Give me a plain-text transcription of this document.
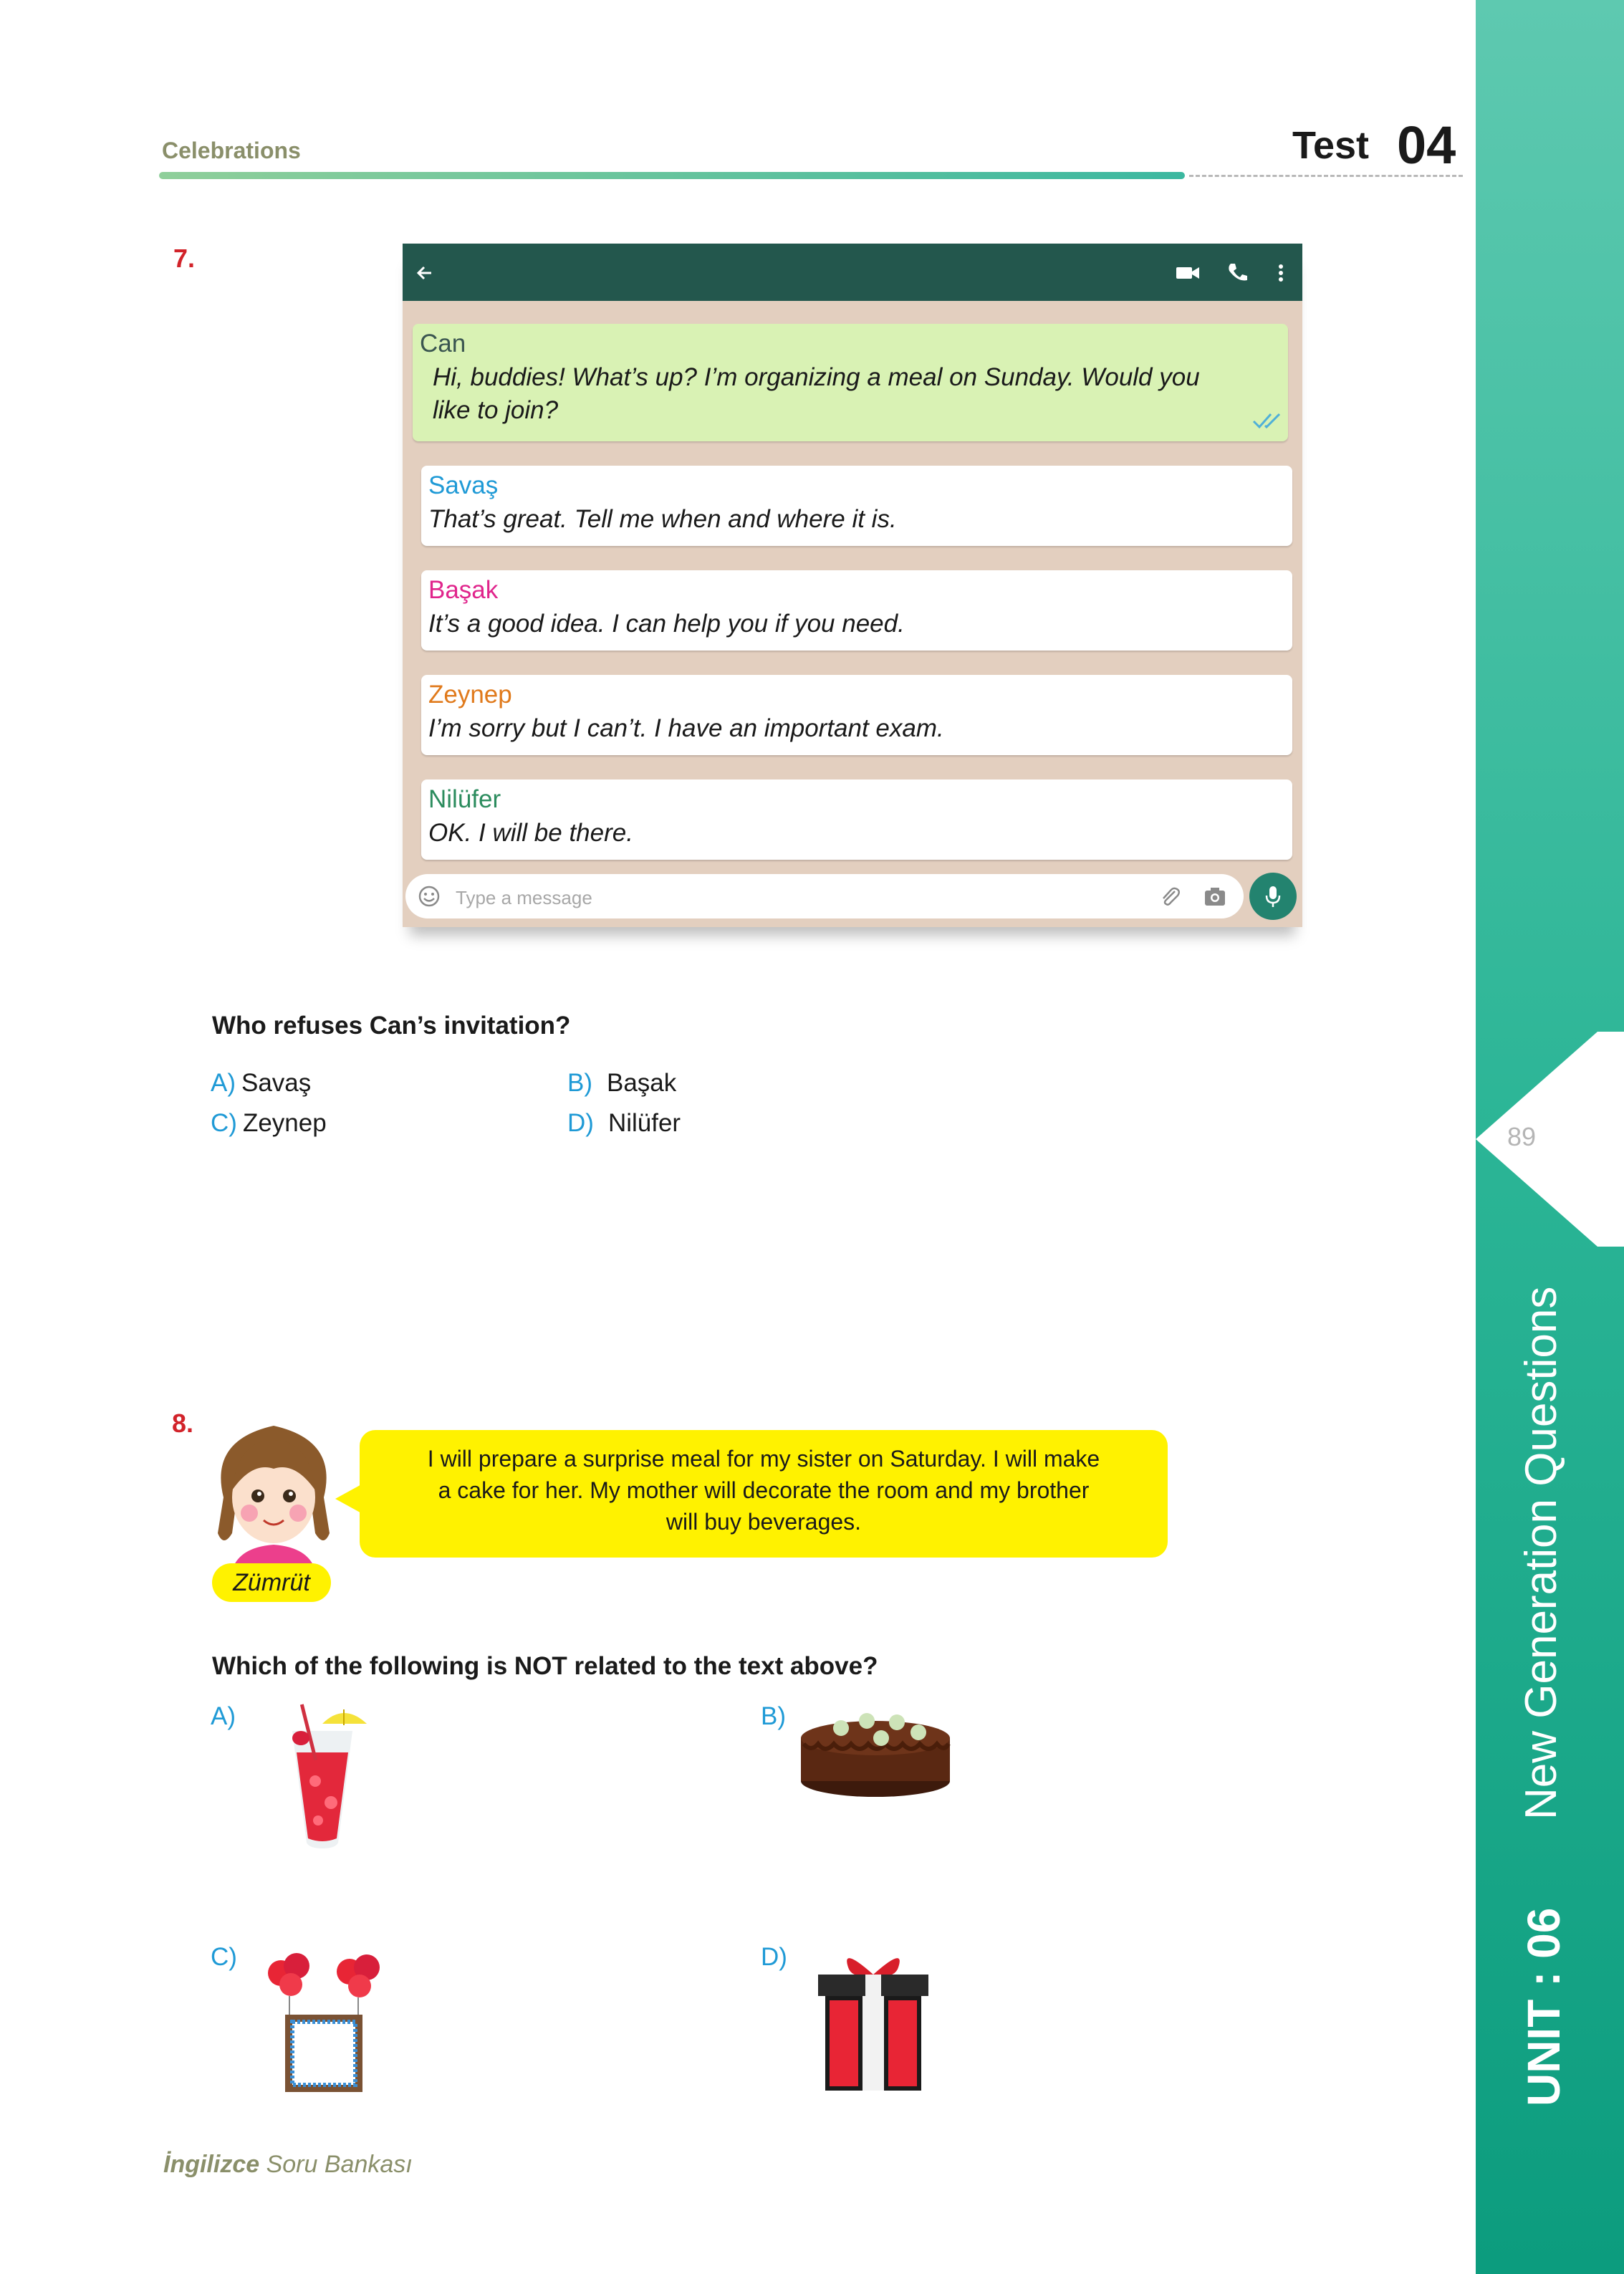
Celebrations	Test 04
89
New Generation Questions
UNIT : 06
7.
Can
Hi, buddies! What’s up? I’m organizing a meal on Sunday. Would you
like to join?
Savaş
That’s great. Tell me when and where it is.
Başak
It’s a good idea. I can help you if you need.
Zeynep
I’m sorry but I can’t. I have an important exam.
Nilüfer
OK. I will be there.
Type a message
Who refuses Can’s invitation?
A) Savaş	B) Başak
C) Zeynep	D) Nilüfer
8.
I will prepare a surprise meal for my sister on Saturday. I will make
a cake for her. My mother will decorate the room and my brother
will buy beverages.
Zümrüt
Which of the following is NOT related to the text above?
A)	B)
C)	D)
İngilizce Soru Bankası
